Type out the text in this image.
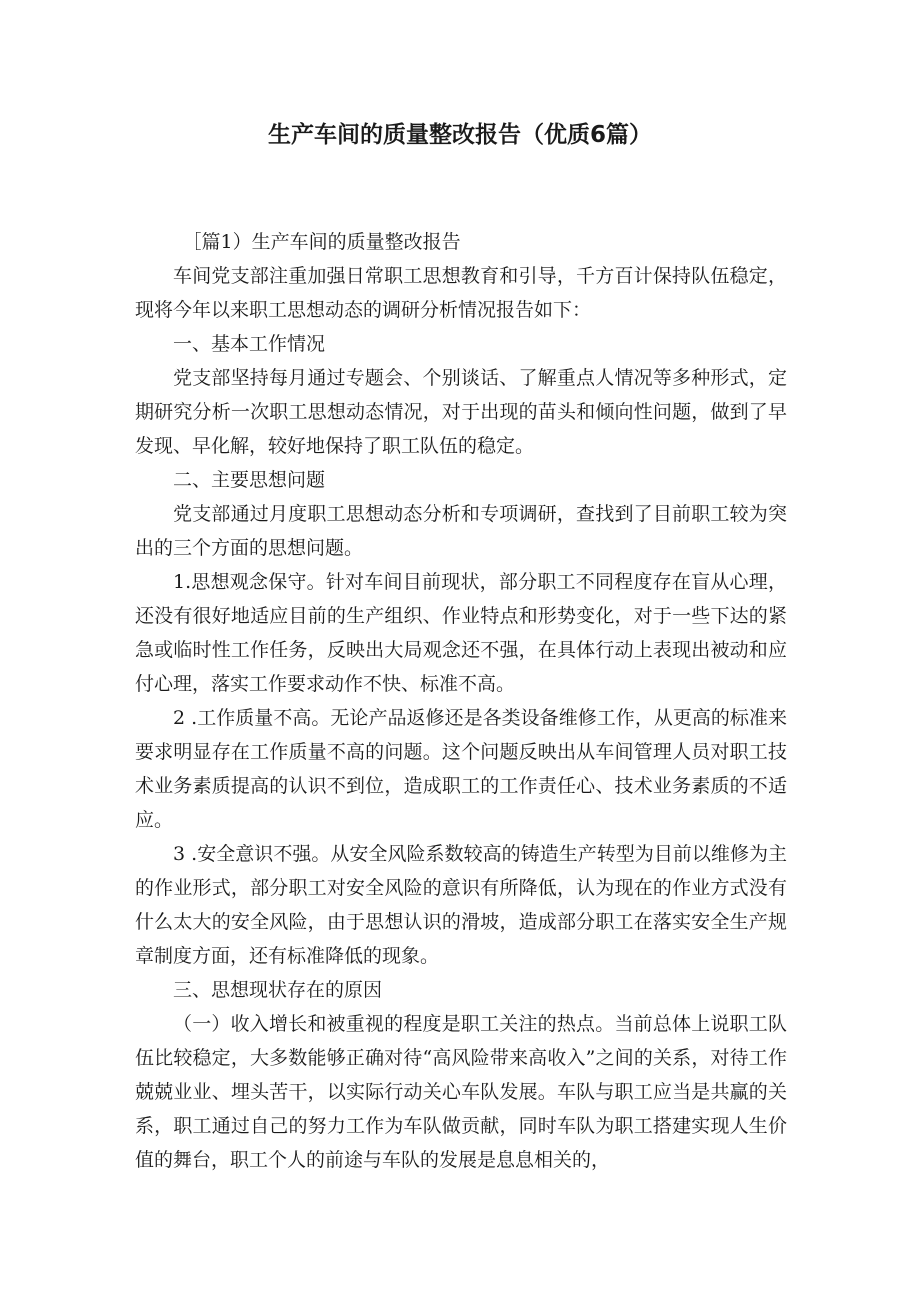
生产车间的质量整改报告（优质6篇）

［篇1）生产车间的质量整改报告

车间党支部注重加强日常职工思想教育和引导，千方百计保持队伍稳定，现将今年以来职工思想动态的调研分析情况报告如下：

一、基本工作情况

党支部坚持每月通过专题会、个别谈话、了解重点人情况等多种形式，定期研究分析一次职工思想动态情况，对于出现的苗头和倾向性问题，做到了早发现、早化解，较好地保持了职工队伍的稳定。

二、主要思想问题

党支部通过月度职工思想动态分析和专项调研，查找到了目前职工较为突出的三个方面的思想问题。

1.思想观念保守。针对车间目前现状，部分职工不同程度存在盲从心理，还没有很好地适应目前的生产组织、作业特点和形势变化，对于一些下达的紧急或临时性工作任务，反映出大局观念还不强，在具体行动上表现出被动和应付心理，落实工作要求动作不快、标准不高。

2 .工作质量不高。无论产品返修还是各类设备维修工作，从更高的标准来要求明显存在工作质量不高的问题。这个问题反映出从车间管理人员对职工技术业务素质提高的认识不到位，造成职工的工作责任心、技术业务素质的不适应。

3 .安全意识不强。从安全风险系数较高的铸造生产转型为目前以维修为主的作业形式，部分职工对安全风险的意识有所降低，认为现在的作业方式没有什么太大的安全风险，由于思想认识的滑坡，造成部分职工在落实安全生产规章制度方面，还有标准降低的现象。

三、思想现状存在的原因

（一）收入增长和被重视的程度是职工关注的热点。当前总体上说职工队伍比较稳定，大多数能够正确对待“高风险带来高收入”之间的关系，对待工作兢兢业业、埋头苦干，以实际行动关心车队发展。车队与职工应当是共赢的关系，职工通过自己的努力工作为车队做贡献，同时车队为职工搭建实现人生价值的舞台，职工个人的前途与车队的发展是息息相关的，
